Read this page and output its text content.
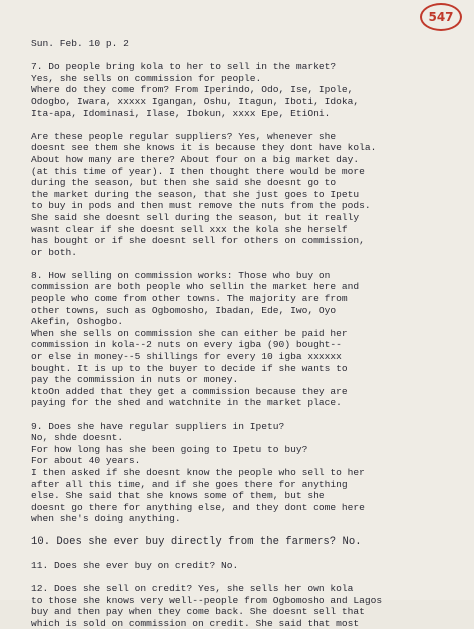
547
Sun. Feb. 10 p. 2
7. Do people bring kola to her to sell in the market?
Yes, she sells on commission for people.
Where do they come from? From Iperindo, Odo, Ise, Ipole,
Odogbo, Iwara, xxxxx Igangan, Oshu, Itagun, Iboti, Idoka,
Ita-apa, Idominasi, Ilase, Ibokun, xxxx Epe, EtiOni.
Are these people regular suppliers? Yes, whenever she
doesnt see them she knows it is because they dont have kola.
About how many are there? About four on a big market day.
(at this time of year). I then thought there would be more
during the season, but then she said she doesnt go to
the market during the season, that she just goes to Ipetu
to buy in pods and then must remove the nuts from the pods.
She said she doesnt sell during the season, but it really
wasnt clear if she doesnt sell xxx the kola she herself
has bought or if she doesnt sell for others on commission,
or both.
8. How selling on commission works: Those who buy on
commission are both people who sellin the market here and
people who come from other towns. The majority are from
other towns, such as Ogbomosho, Ibadan, Ede, Iwo, Oyo
Akefin, Oshogbo.
When she sells on commission she can either be paid her
commission in kola--2 nuts on every igba (90) bought--
or else in money--5 shillings for every 10 igba xxxxxx
bought. It is up to the buyer to decide if she wants to
pay the commission in nuts or money.
ktoOn added that they get a commission because they are
paying for the shed and watchnite in the market place.
9. Does she have regular suppliers in Ipetu?
No, shde doesnt.
For how long has she been going to Ipetu to buy?
For about 40 years.
I then asked if she doesnt know the people who sell to her
after all this time, and if she goes there for anything
else. She said that she knows some of them, but she
doesnt go there for anything else, and they dont come here
when she's doing anything.
10. Does she ever buy directly from the farmers? No.
11. Does she ever buy on credit? No.
12. Does she sell on credit? Yes, she sells her own kola
to those she knows very well--people from Ogbomosho and Lagos
buy and then pay when they come back. She doesnt sell that
which is sold on commission on credit. She said that most
